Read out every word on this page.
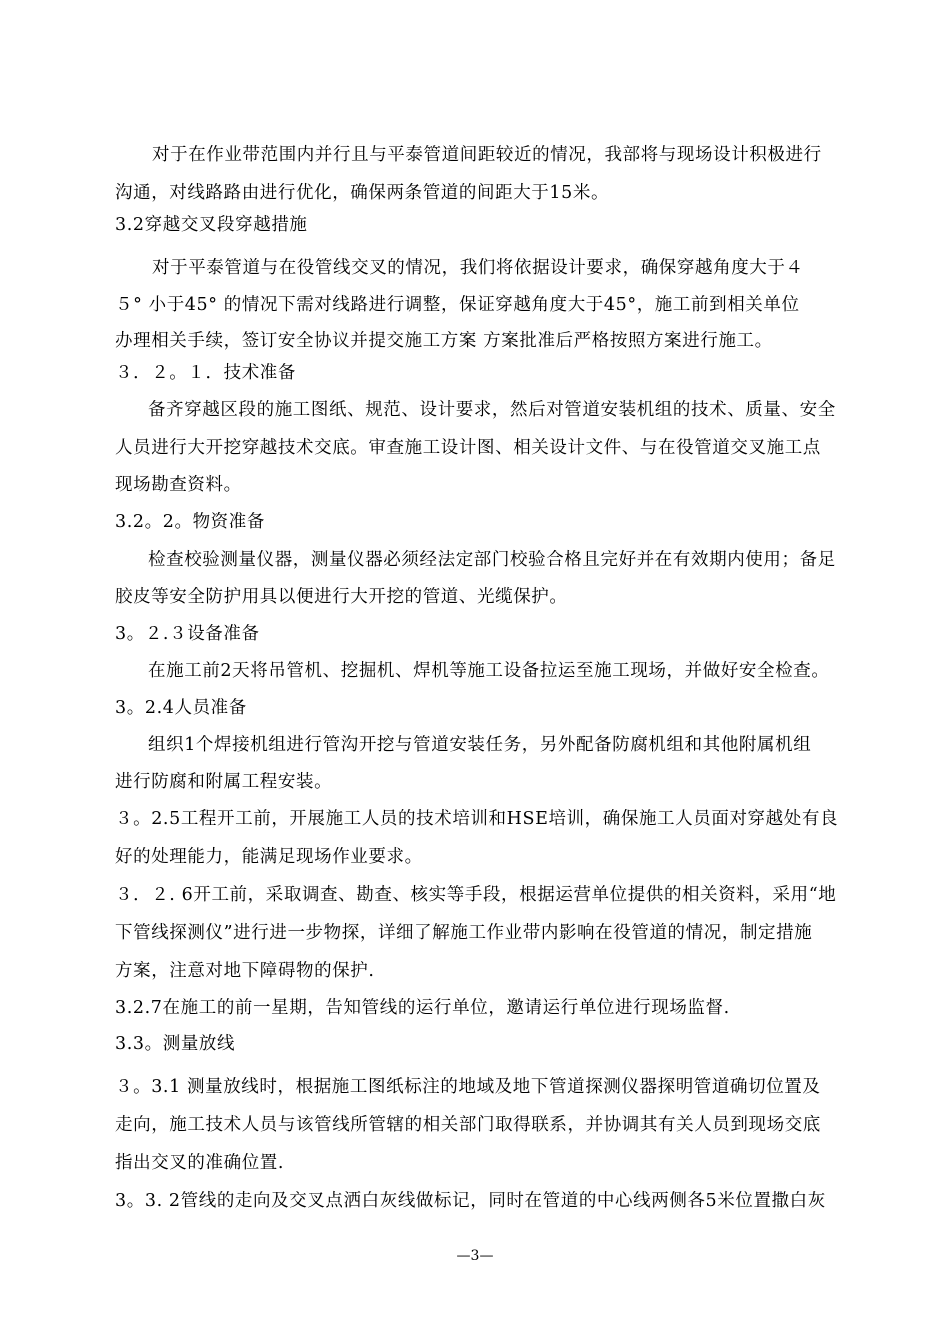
对于在作业带范围内并行且与平泰管道间距较近的情况，我部将与现场设计积极进行
沟通，对线路路由进行优化，确保两条管道的间距大于15米。
3.2穿越交叉段穿越措施
对于平泰管道与在役管线交叉的情况，我们将依据设计要求，确保穿越角度大于４
５° 小于45° 的情况下需对线路进行调整，保证穿越角度大于45°，施工前到相关单位
办理相关手续，签订安全协议并提交施工方案 方案批准后严格按照方案进行施工。
３．２。１．技术准备
备齐穿越区段的施工图纸、规范、设计要求，然后对管道安装机组的技术、质量、安全
人员进行大开挖穿越技术交底。审查施工设计图、相关设计文件、与在役管道交叉施工点
现场勘查资料。
3.2。2。物资准备
检查校验测量仪器，测量仪器必须经法定部门校验合格且完好并在有效期内使用；备足
胶皮等安全防护用具以便进行大开挖的管道、光缆保护。
3。２.３设备准备
在施工前2天将吊管机、挖掘机、焊机等施工设备拉运至施工现场，并做好安全检查。
3。2.4人员准备
组织1个焊接机组进行管沟开挖与管道安装任务，另外配备防腐机组和其他附属机组
进行防腐和附属工程安装。
３。2.5工程开工前，开展施工人员的技术培训和HSE培训，确保施工人员面对穿越处有良
好的处理能力，能满足现场作业要求。
３．２. 6开工前，采取调查、勘查、核实等手段，根据运营单位提供的相关资料，采用“地
下管线探测仪”进行进一步物探，详细了解施工作业带内影响在役管道的情况，制定措施
方案，注意对地下障碍物的保护.
3.2.7在施工的前一星期，告知管线的运行单位，邀请运行单位进行现场监督.
3.3。测量放线
３。3.1 测量放线时，根据施工图纸标注的地域及地下管道探测仪器探明管道确切位置及
走向，施工技术人员与该管线所管辖的相关部门取得联系，并协调其有关人员到现场交底
指出交叉的准确位置.
3。3. 2管线的走向及交叉点洒白灰线做标记，同时在管道的中心线两侧各5米位置撒白灰
—3—
